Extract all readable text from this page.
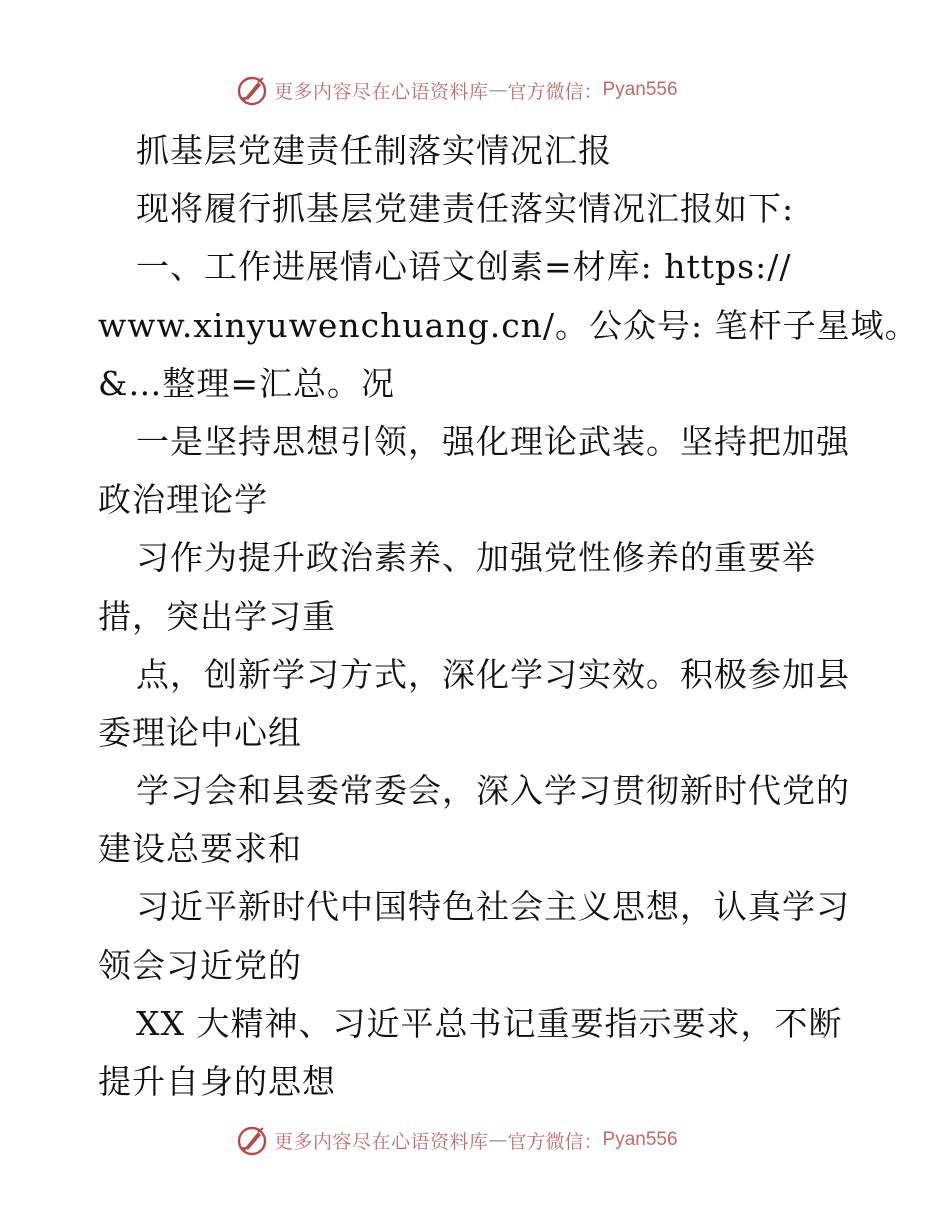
更多内容尽在心语资料库 — 官方微信： Pyan556
抓基层党建责任制落实情况汇报
现将履行抓基层党建责任落实情况汇报如下:
一、工作进展情心语文创素=材库: https://
www.xinyuwenchuang.cn/。公众号: 笔杆子星域。
&…整理=汇总。况
一是坚持思想引领，强化理论武装。坚持把加强
政治理论学
习作为提升政治素养、加强党性修养的重要举
措，突出学习重
点，创新学习方式，深化学习实效。积极参加县
委理论中心组
学习会和县委常委会，深入学习贯彻新时代党的
建设总要求和
习近平新时代中国特色社会主义思想，认真学习
领会习近党的
XX 大精神、习近平总书记重要指示要求，不断
提升自身的思想
更多内容尽在心语资料库 — 官方微信： Pyan556
